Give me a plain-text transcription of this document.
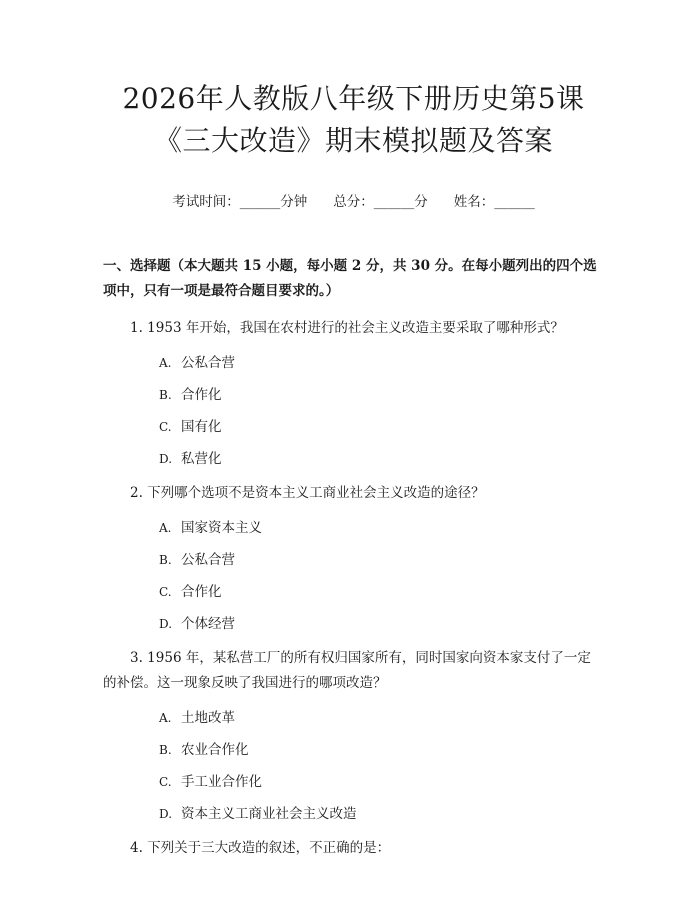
2026年人教版八年级下册历史第5课《三大改造》期末模拟题及答案
考试时间：______分钟 总分：______分 姓名：______
一、选择题（本大题共 15 小题，每小题 2 分，共 30 分。在每小题列出的四个选项中，只有一项是最符合题目要求的。）
1. 1953 年开始，我国在农村进行的社会主义改造主要采取了哪种形式？
A. 公私合营
B. 合作化
C. 国有化
D. 私营化
2. 下列哪个选项不是资本主义工商业社会主义改造的途径？
A. 国家资本主义
B. 公私合营
C. 合作化
D. 个体经营
3. 1956 年，某私营工厂的所有权归国家所有，同时国家向资本家支付了一定的补偿。这一现象反映了我国进行的哪项改造？
A. 土地改革
B. 农业合作化
C. 手工业合作化
D. 资本主义工商业社会主义改造
4. 下列关于三大改造的叙述，不正确的是：
